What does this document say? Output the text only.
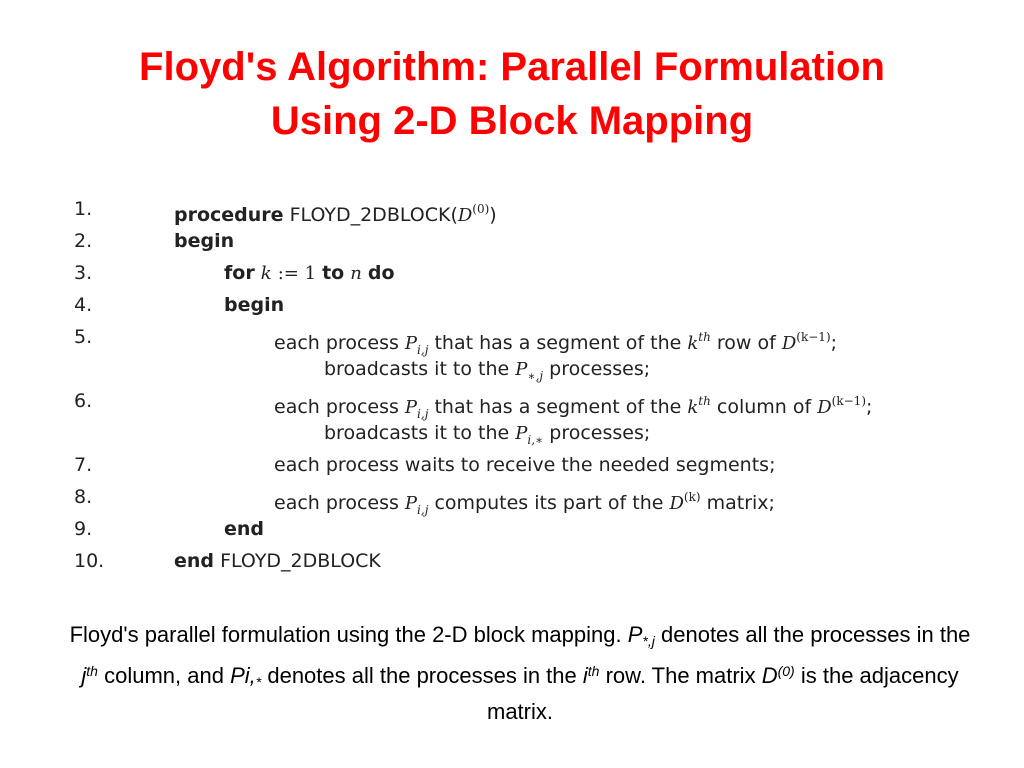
Floyd's Algorithm: Parallel Formulation
Using 2-D Block Mapping
1.	procedure $FLOYD\_2DBLOCK(D^{(0)})$
2.	begin
3.	for k := 1 to n do
4.	begin
5.	each process $P_{i,j}$ that has a segment of the $k^{th}$ row of $D^{(k-1)}$;
broadcasts it to the $P_{∗,j}$ processes;
6.	each process $P_{i,j}$ that has a segment of the $k^{th}$ column of $D^{(k-1)}$;
broadcasts it to the $P_{i,∗}$ processes;
7.	each process waits to receive the needed segments;
8.	each process $P_{i,j}$ computes its part of the $D^{(k)}$ matrix;
9.	end
10.	end FLOYD_2DBLOCK
Floyd's parallel formulation using the 2-D block mapping. P*,j denotes all the processes in the $j^{th}$ column, and Pi,* denotes all the processes in the $i^{th}$ row. The matrix $D^{(0)}$ is the adjacency matrix.
